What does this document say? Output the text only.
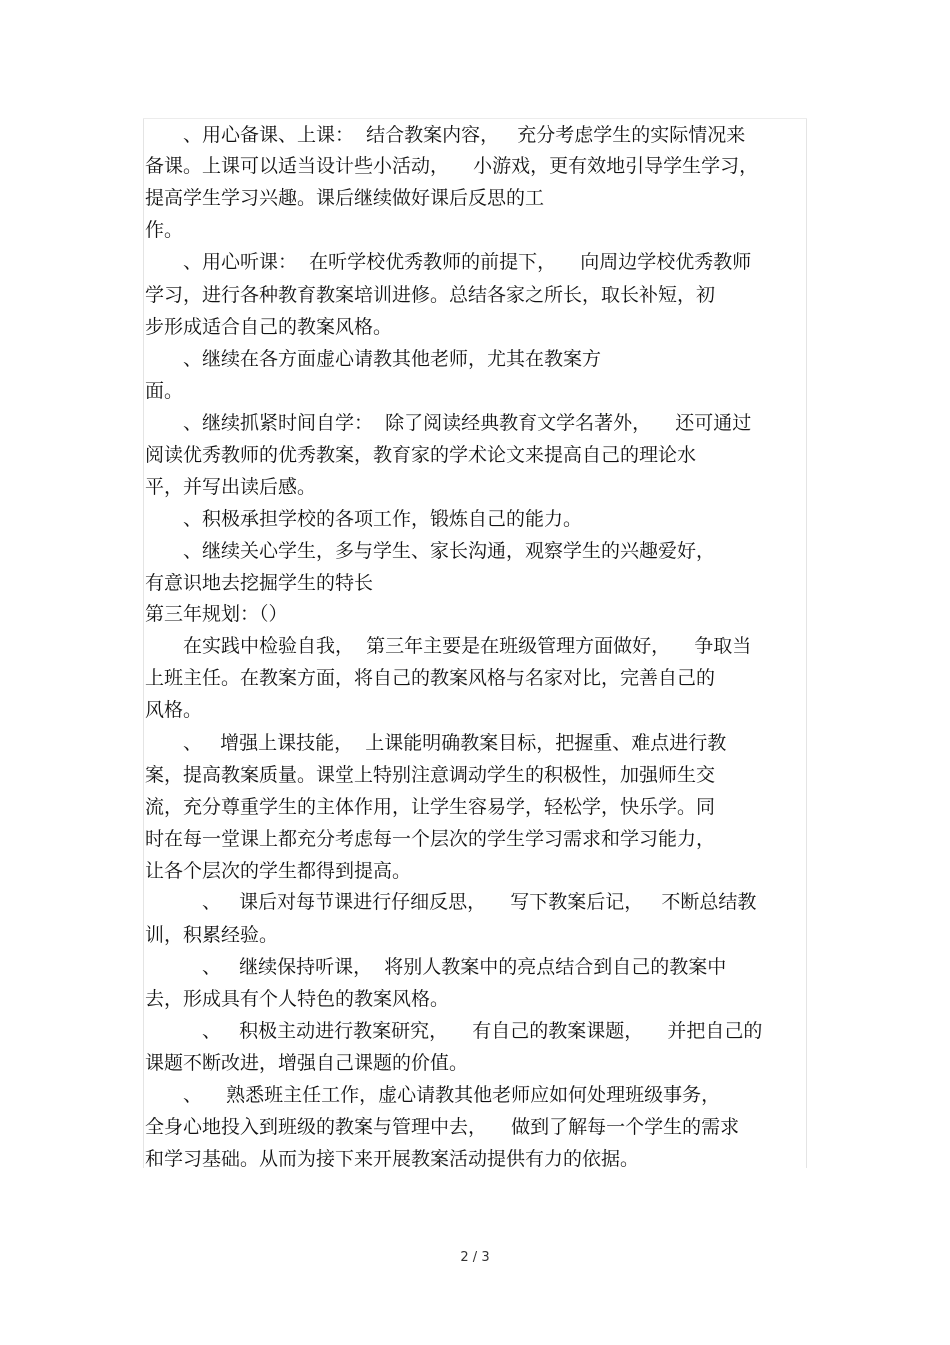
　　、用心备课、上课：  结合教案内容，   充分考虑学生的实际情况来
备课。上课可以适当设计些小活动，    小游戏，更有效地引导学生学习，
提高学生学习兴趣。课后继续做好课后反思的工
作。
　　、用心听课：  在听学校优秀教师的前提下，    向周边学校优秀教师
学习，进行各种教育教案培训进修。总结各家之所长，取长补短，初
步形成适合自己的教案风格。
　　、继续在各方面虚心请教其他老师，尤其在教案方
面。
　　、继续抓紧时间自学：  除了阅读经典教育文学名著外，    还可通过
阅读优秀教师的优秀教案，教育家的学术论文来提高自己的理论水
平，并写出读后感。
　　、积极承担学校的各项工作，锻炼自己的能力。
　　、继续关心学生，多与学生、家长沟通，观察学生的兴趣爱好，
有意识地去挖掘学生的特长
第三年规划：（）
　　在实践中检验自我，  第三年主要是在班级管理方面做好，    争取当
上班主任。在教案方面，将自己的教案风格与名家对比，完善自己的
风格。
　　、   增强上课技能，  上课能明确教案目标，把握重、难点进行教
案，提高教案质量。课堂上特别注意调动学生的积极性，加强师生交
流，充分尊重学生的主体作用，让学生容易学，轻松学，快乐学。同
时在每一堂课上都充分考虑每一个层次的学生学习需求和学习能力，
让各个层次的学生都得到提高。
　　　、   课后对每节课进行仔细反思，    写下教案后记，   不断总结教
训，积累经验。
　　　、   继续保持听课，  将别人教案中的亮点结合到自己的教案中
去，形成具有个人特色的教案风格。
　　　、   积极主动进行教案研究，    有自己的教案课题，    并把自己的
课题不断改进，增强自己课题的价值。
　　、    熟悉班主任工作，虚心请教其他老师应如何处理班级事务，
全身心地投入到班级的教案与管理中去，    做到了解每一个学生的需求
和学习基础。从而为接下来开展教案活动提供有力的依据。
2 / 3
